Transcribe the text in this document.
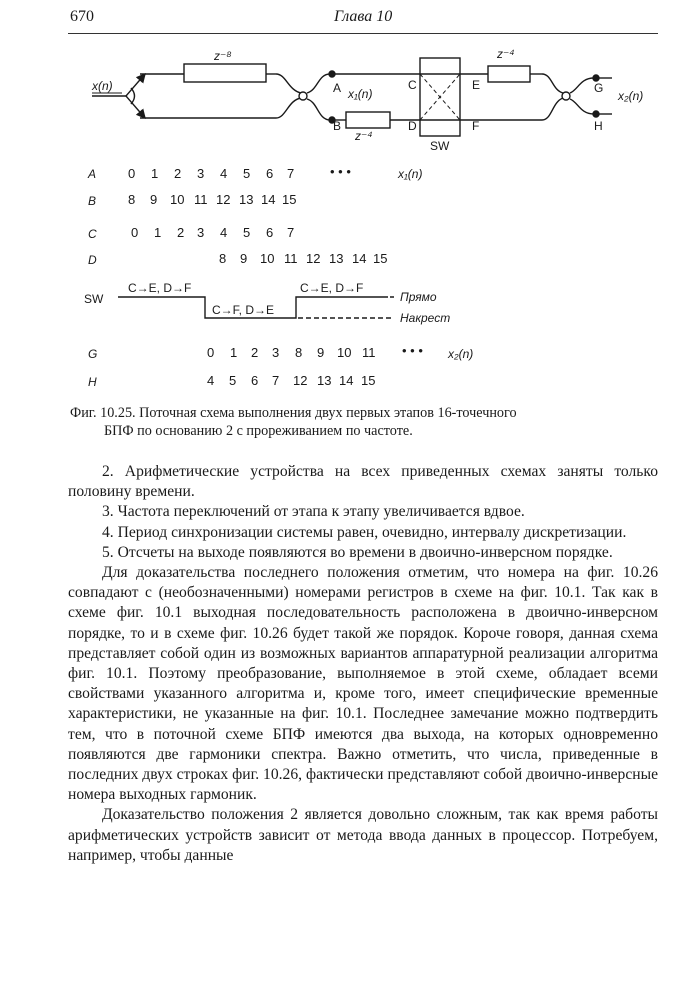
670	Глава 10
x(n)
z⁻⁸
A
B
x₁(n)
z⁻⁴
C
D
E
F
SW
z⁻⁴
G
H
x₂(n)
A 0 1 2 3 4 5 6 7	• • •	x₁(n)
B 8 9 10 11 12 13 14 15
C	0 1 2 3 4 5 6 7
D	8 9 10 11 12 13 14 15
SW
C→E, D→F
C→F, D→E
C→E, D→F
Прямо
Накрест
G	0 1 2 3 8 9 10 11 • • • x₂(n)
H	4 5 6 7 12 13 14 15
Фиг. 10.25. Поточная схема выполнения двух первых этапов 16-точечного
БПФ по основанию 2 с прореживанием по частоте.

2. Арифметические устройства на всех приведенных схемах заняты только половину времени.

3. Частота переключений от этапа к этапу увеличивается вдвое.

4. Период синхронизации системы равен, очевидно, интервалу дискретизации.

5. Отсчеты на выходе появляются во времени в двоично-инверсном порядке.

Для доказательства последнего положения отметим, что номера на фиг. 10.26 совпадают с (необозначенными) номерами регистров в схеме на фиг. 10.1. Так как в схеме фиг. 10.1 выходная последовательность расположена в двоично-инверсном порядке, то и в схеме фиг. 10.26 будет такой же порядок. Короче говоря, данная схема представляет собой один из возможных вариантов аппаратурной реализации алгоритма фиг. 10.1. Поэтому преобразование, выполняемое в этой схеме, обладает всеми свойствами указанного алгоритма и, кроме того, имеет специфические временные характеристики, не указанные на фиг. 10.1. Последнее замечание можно подтвердить тем, что в поточной схеме БПФ имеются два выхода, на которых одновременно появляются две гармоники спектра. Важно отметить, что числа, приведенные в последних двух строках фиг. 10.26, фактически представляют собой двоично-инверсные номера выходных гармоник.

Доказательство положения 2 является довольно сложным, так как время работы арифметических устройств зависит от метода ввода данных в процессор. Потребуем, например, чтобы данные
